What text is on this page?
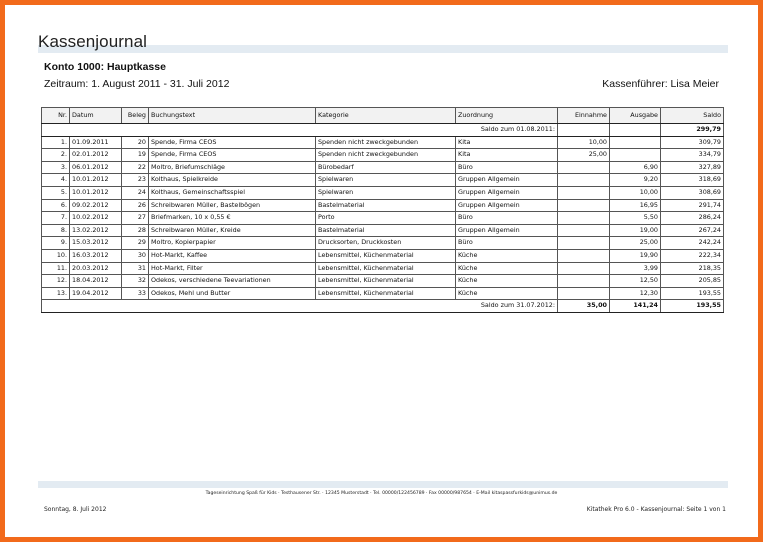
Kassenjournal
Konto 1000: Hauptkasse
Zeitraum: 1. August 2011 - 31. Juli 2012	Kassenführer: Lisa Meier
Nr.	Datum	Beleg	Buchungstext	Kategorie	Zuordnung	Einnahme	Ausgabe	Saldo
Saldo zum 01.08.2011:								299,79
1.	01.09.2011	20	Spende, Firma CEOS	Spenden nicht zweckgebunden	Kita	10,00		309,79
2.	02.01.2012	19	Spende, Firma CEOS	Spenden nicht zweckgebunden	Kita	25,00		334,79
3.	06.01.2012	22	Moltro, Briefumschläge	Bürobedarf	Büro		6,90	327,89
4.	10.01.2012	23	Kolthaus, Spielkreide	Spielwaren	Gruppen Allgemein		9,20	318,69
5.	10.01.2012	24	Kolthaus, Gemeinschaftsspiel	Spielwaren	Gruppen Allgemein		10,00	308,69
6.	09.02.2012	26	Schreibwaren Müller, Bastelbögen	Bastelmaterial	Gruppen Allgemein		16,95	291,74
7.	10.02.2012	27	Briefmarken, 10 x 0,55 €	Porto	Büro		5,50	286,24
8.	13.02.2012	28	Schreibwaren Müller, Kreide	Bastelmaterial	Gruppen Allgemein		19,00	267,24
9.	15.03.2012	29	Moltro, Kopierpapier	Drucksorten, Druckkosten	Büro		25,00	242,24
10.	16.03.2012	30	Hot-Markt, Kaffee	Lebensmittel, Küchenmaterial	Küche		19,90	222,34
11.	20.03.2012	31	Hot-Markt, Filter	Lebensmittel, Küchenmaterial	Küche		3,99	218,35
12.	18.04.2012	32	Odekos, verschiedene Teevariationen	Lebensmittel, Küchenmaterial	Küche		12,50	205,85
13.	19.04.2012	33	Odekos, Mehl und Butter	Lebensmittel, Küchenmaterial	Küche		12,30	193,55
Saldo zum 31.07.2012:						35,00	141,24	193,55
Tageseinrichtung Spaß für Kids · Testhausener Str. · 12345 Musterstadt · Tel. 00000/122456789 · Fax 00000/987654 · E-Mail kitaspassfurkids@unimus.de
Sonntag, 8. Juli 2012	Kitathek Pro 6.0 - Kassenjournal: Seite 1 von 1
